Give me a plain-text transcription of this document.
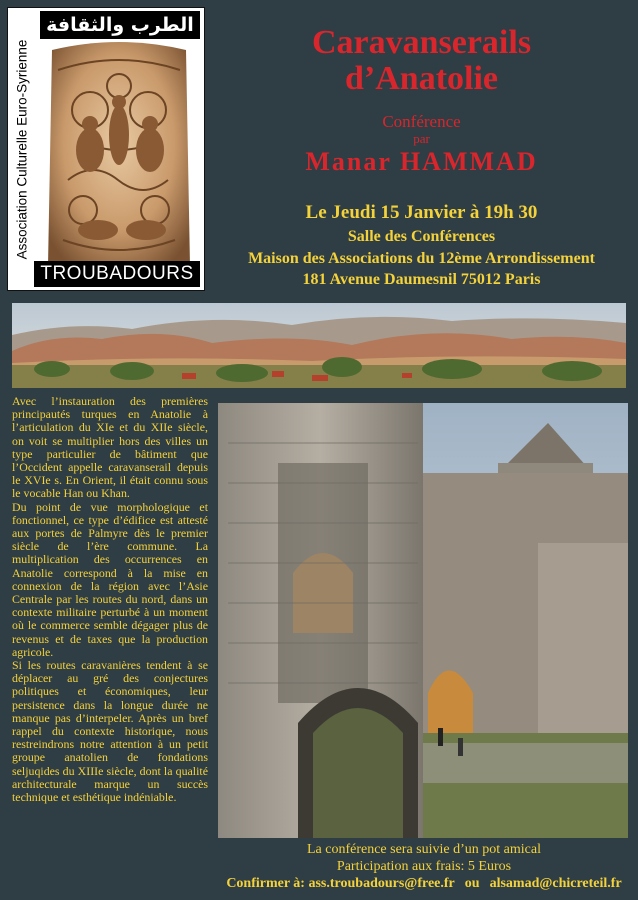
الطرب والثقافة
Association Culturelle Euro-Syrienne
TROUBADOURS
Caravanserails
d’Anatolie
Conférence
par
Manar HAMMAD
Le Jeudi 15 Janvier à 19h 30
Salle des Conférences
Maison des Associations du 12ème Arrondissement
181 Avenue Daumesnil 75012 Paris

Avec l’instauration des premières principautés turques en Anatolie à l’articulation du XIe et du XIIe siècle, on voit se multiplier hors des villes un type particulier de bâtiment que l’Occident appelle caravanserail depuis le XVIe s. En Orient, il était connu sous le vocable Han ou Khan.

Du point de vue morphologique et fonctionnel, ce type d’édifice est attesté aux portes de Palmyre dès le premier siècle de l’ère commune. La multiplication des occurrences en Anatolie correspond à la mise en connexion de la région avec l’Asie Centrale par les routes du nord, dans un contexte militaire perturbé à un moment où le commerce semble dégager plus de revenus et de taxes que la production agricole.

Si les routes caravanières tendent à se déplacer au gré des conjectures politiques et économiques, leur persistence dans la longue durée ne manque pas d’interpeler. Après un bref rappel du contexte historique, nous restreindrons notre attention à un petit groupe anatolien de fondations seljuqides du XIIIe siècle, dont la qualité architecturale marque un succès technique et esthétique indéniable.

La conférence sera suivie d’un pot amical
Participation aux frais: 5 Euros
Confirmer à: ass.troubadours@free.fr ou alsamad@chicreteil.fr
